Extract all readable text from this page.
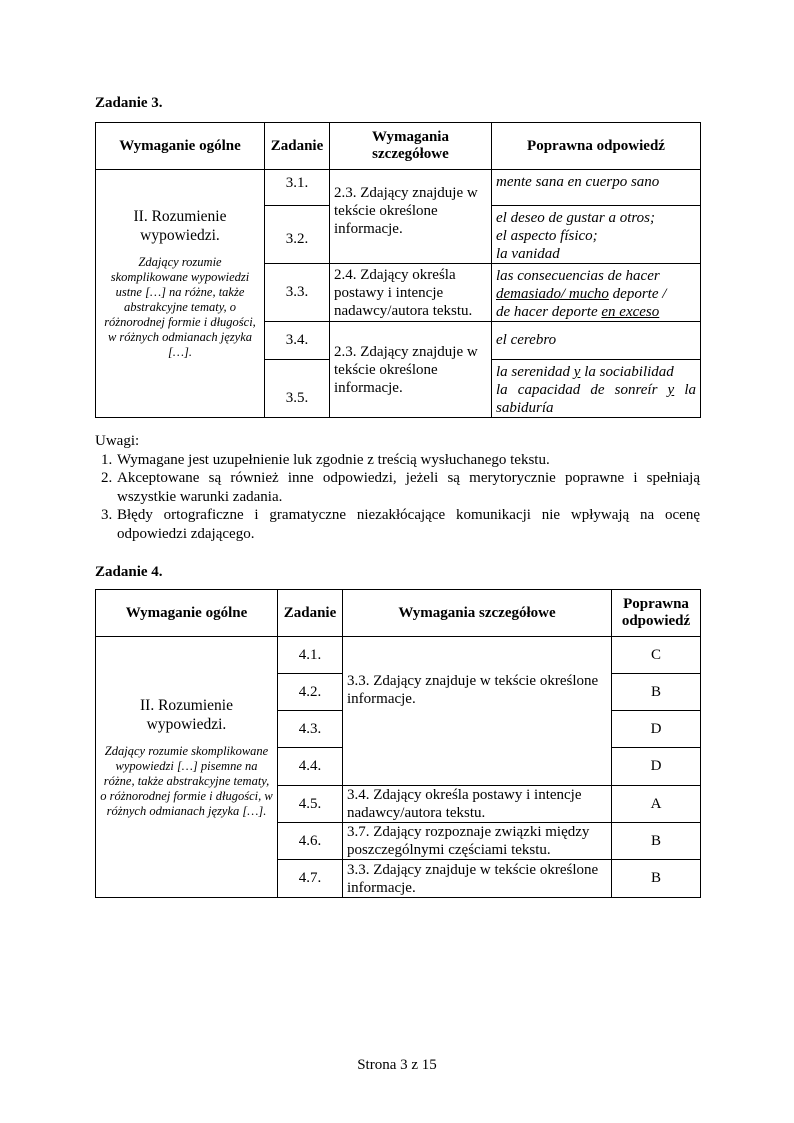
Zadanie 3.
Wymaganie ogólne	Zadanie	Wymagania szczegółowe	Poprawna odpowiedź

II. Rozumienie wypowiedzi.
Zdający rozumie skomplikowane wypowiedzi ustne […] na różne, także abstrakcyjne tematy, o różnorodnej formie i długości, w różnych odmianach języka […].	3.1.	2.3. Zdający znajduje w tekście określone informacje.	mente sana en cuerpo sano

	3.2.		el deseo de gustar a otros;
el aspecto físico;
la vanidad

	3.3.	2.4. Zdający określa postawy i intencje nadawcy/autora tekstu.	las consecuencias de hacer
demasiado/ mucho deporte /
de hacer deporte en exceso

	3.4.	2.3. Zdający znajduje w tekście określone informacje.	el cerebro

	3.5.		la serenidad y la sociabilidad
la capacidad de sonreír y la
sabiduría
Uwagi:
1. Wymagane jest uzupełnienie luk zgodnie z treścią wysłuchanego tekstu.
2. Akceptowane są również inne odpowiedzi, jeżeli są merytorycznie poprawne i spełniają wszystkie warunki zadania.
3. Błędy ortograficzne i gramatyczne niezakłócające komunikacji nie wpływają na ocenę odpowiedzi zdającego.
Zadanie 4.
Wymaganie ogólne	Zadanie	Wymagania szczegółowe	Poprawna odpowiedź

II. Rozumienie wypowiedzi.
Zdający rozumie skomplikowane wypowiedzi […] pisemne na różne, także abstrakcyjne tematy, o różnorodnej formie i długości, w różnych odmianach języka […].	4.1.	3.3. Zdający znajduje w tekście określone informacje.	C
	4.2.		B
	4.3.		D
	4.4.		D
	4.5.	3.4. Zdający określa postawy i intencje nadawcy/autora tekstu.	A
	4.6.	3.7. Zdający rozpoznaje związki między poszczególnymi częściami tekstu.	B
	4.7.	3.3. Zdający znajduje w tekście określone informacje.	B
Strona 3 z 15
